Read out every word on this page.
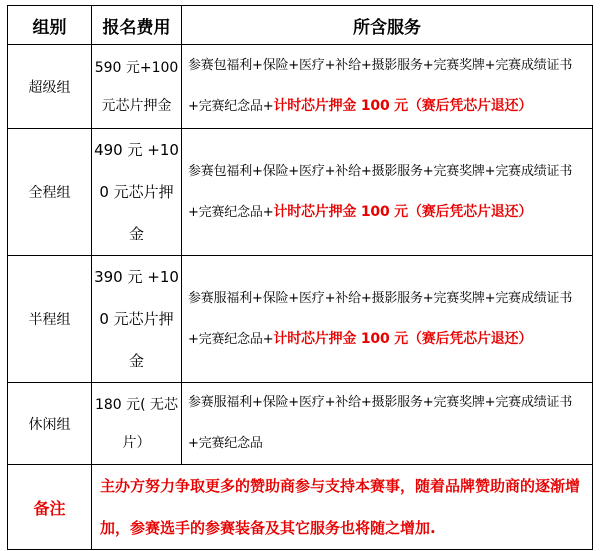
组别	报名费用	所含服务
超级组	590 元+100 元芯片押金	参赛包福利+保险+医疗+补给+摄影服务+完赛奖牌+完赛成绩证书+完赛纪念品+计时芯片押金 100 元（赛后凭芯片退还）
全程组	490 元 +100 元芯片押金	参赛包福利+保险+医疗+补给+摄影服务+完赛奖牌+完赛成绩证书+完赛纪念品+计时芯片押金 100 元（赛后凭芯片退还）
半程组	390 元 +100 元芯片押金	参赛服福利+保险+医疗+补给+摄影服务+完赛奖牌+完赛成绩证书+完赛纪念品+计时芯片押金 100 元（赛后凭芯片退还）
休闲组	180 元( 无芯片）	参赛服福利+保险+医疗+补给+摄影服务+完赛奖牌+完赛成绩证书+完赛纪念品
备注	主办方努力争取更多的赞助商参与支持本赛事，随着品牌赞助商的逐渐增加，参赛选手的参赛装备及其它服务也将随之增加.	
